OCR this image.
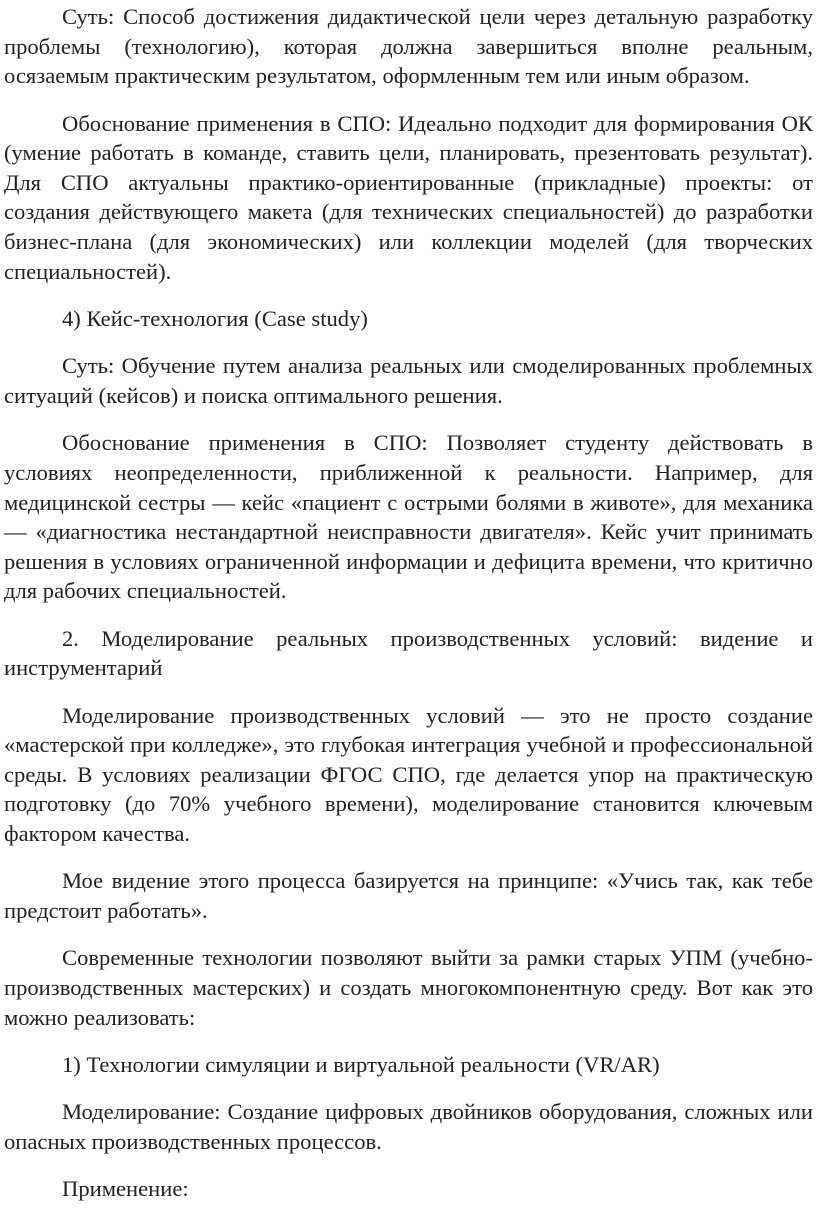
Суть: Способ достижения дидактической цели через детальную разработку проблемы (технологию), которая должна завершиться вполне реальным, осязаемым практическим результатом, оформленным тем или иным образом.

Обоснование применения в СПО: Идеально подходит для формирования ОК (умение работать в команде, ставить цели, планировать, презентовать результат). Для СПО актуальны практико-ориентированные (прикладные) проекты: от создания действующего макета (для технических специальностей) до разработки бизнес-плана (для экономических) или коллекции моделей (для творческих специальностей).

4) Кейс-технология (Case study)

Суть: Обучение путем анализа реальных или смоделированных проблемных ситуаций (кейсов) и поиска оптимального решения.

Обоснование применения в СПО: Позволяет студенту действовать в условиях неопределенности, приближенной к реальности. Например, для медицинской сестры — кейс «пациент с острыми болями в животе», для механика — «диагностика нестандартной неисправности двигателя». Кейс учит принимать решения в условиях ограниченной информации и дефицита времени, что критично для рабочих специальностей.

2. Моделирование реальных производственных условий: видение и инструментарий

Моделирование производственных условий — это не просто создание «мастерской при колледже», это глубокая интеграция учебной и профессиональной среды. В условиях реализации ФГОС СПО, где делается упор на практическую подготовку (до 70% учебного времени), моделирование становится ключевым фактором качества.

Мое видение этого процесса базируется на принципе: «Учись так, как тебе предстоит работать».

Современные технологии позволяют выйти за рамки старых УПМ (учебно-производственных мастерских) и создать многокомпонентную среду. Вот как это можно реализовать:

1) Технологии симуляции и виртуальной реальности (VR/AR)

Моделирование: Создание цифровых двойников оборудования, сложных или опасных производственных процессов.

Применение:
